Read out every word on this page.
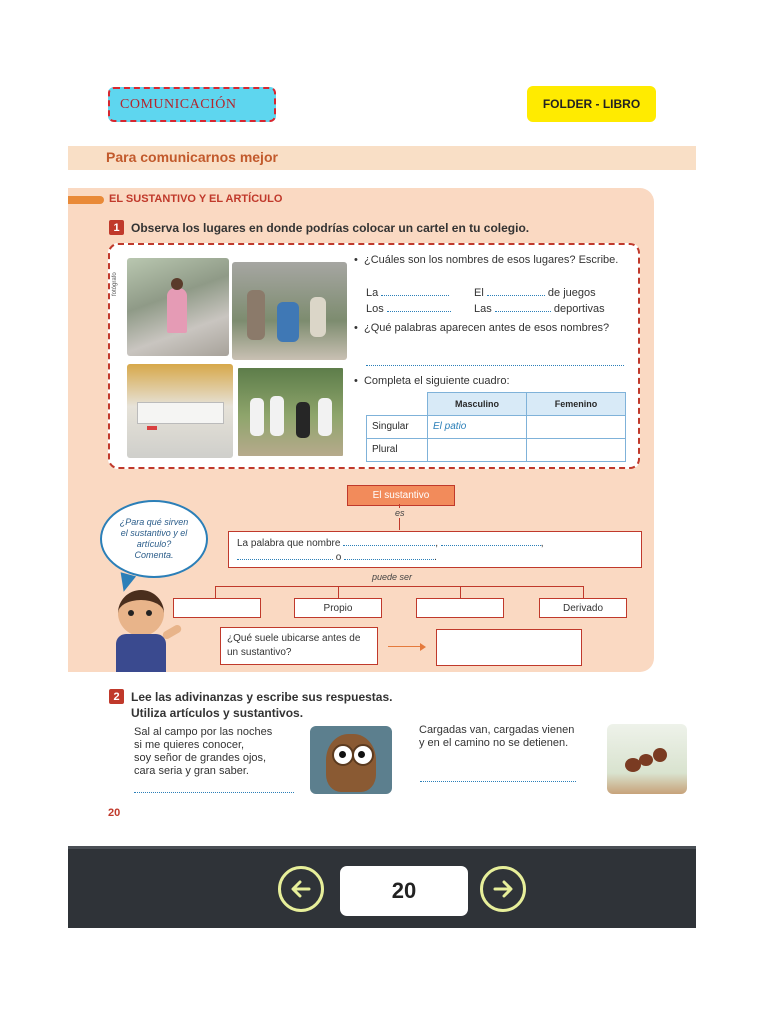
COMUNICACIÓN	FOLDER - LIBRO
Para comunicarnos mejor
EL SUSTANTIVO Y EL ARTÍCULO
1 Observa los lugares en donde podrías colocar un cartel en tu colegio.
fotógrafo
•  ¿Cuáles son los nombres de esos lugares? Escribe.
La	El	de juegos
Los	Las	deportivas
•  ¿Qué palabras aparecen antes de esos nombres?
•  Completa el siguiente cuadro:
	Masculino	Femenino
Singular	El patio	
Plural		
El sustantivo
es
La palabra que nombre	,	,
o	.
puede ser
Propio	Derivado
¿Qué suele ubicarse antes de un sustantivo?
¿Para qué sirven el sustantivo y el artículo? Comenta.
2 Lee las adivinanzas y escribe sus respuestas. Utiliza artículos y sustantivos.
Sal al campo por las noches
si me quieres conocer,
soy señor de grandes ojos,
cara seria y gran saber.
Cargadas van, cargadas vienen
y en el camino no se detienen.
20
20
